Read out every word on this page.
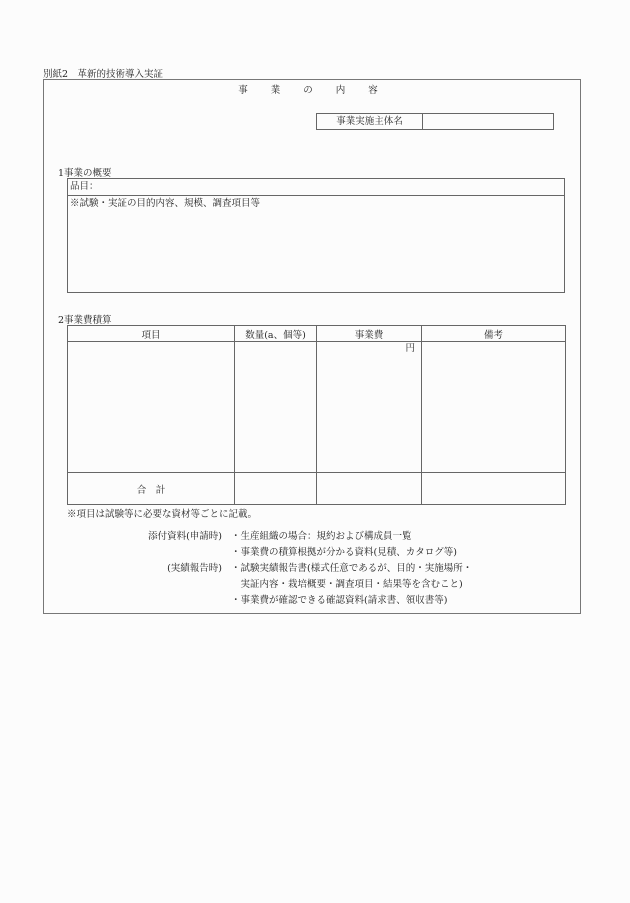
別紙2　革新的技術導入実証
事 業 の 内 容
事業実施主体名
1事業の概要
品目：
※試験・実証の目的内容、規模、調査項目等
2事業費積算
項目	数量(a、個等)	事業費	備考
		円	
合　計			
※項目は試験等に必要な資材等ごとに記載。
添付資料(申請時) ・生産組織の場合：規約および構成員一覧
・事業費の積算根拠が分かる資料(見積、カタログ等)
(実績報告時) ・試験実績報告書(様式任意であるが、目的・実施場所・
　実証内容・栽培概要・調査項目・結果等を含むこと)
・事業費が確認できる確認資料(請求書、領収書等)
